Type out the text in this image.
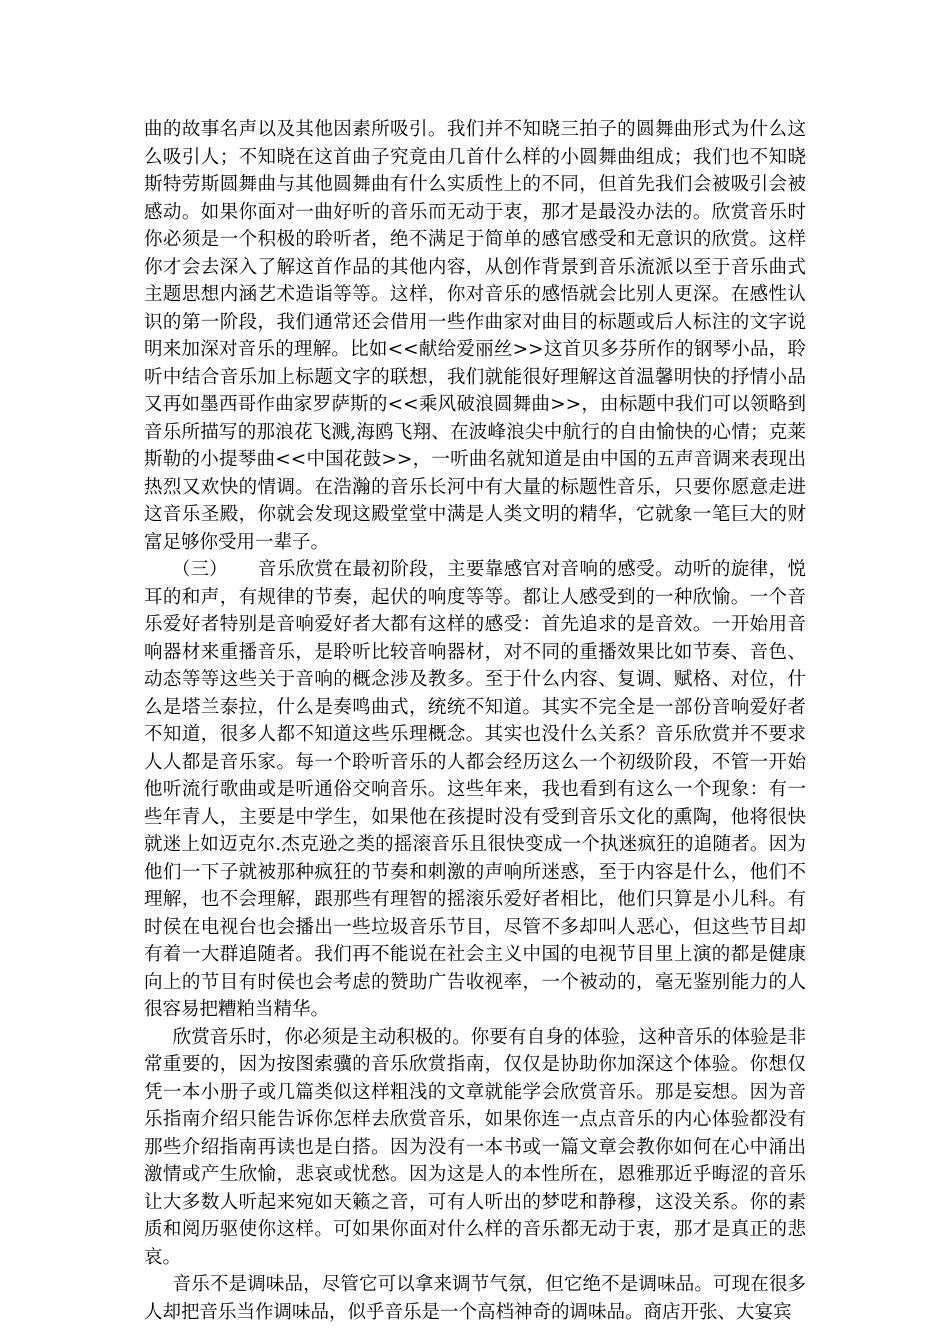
曲的故事名声以及其他因素所吸引。我们并不知晓三拍子的圆舞曲形式为什么这么吸引人；不知晓在这首曲子究竟由几首什么样的小圆舞曲组成；我们也不知晓斯特劳斯圆舞曲与其他圆舞曲有什么实质性上的不同，但首先我们会被吸引会被感动。如果你面对一曲好听的音乐而无动于衷，那才是最没办法的。欣赏音乐时你必须是一个积极的聆听者，绝不满足于简单的感官感受和无意识的欣赏。这样你才会去深入了解这首作品的其他内容，从创作背景到音乐流派以至于音乐曲式主题思想内涵艺术造诣等等。这样，你对音乐的感悟就会比别人更深。在感性认识的第一阶段，我们通常还会借用一些作曲家对曲目的标题或后人标注的文字说明来加深对音乐的理解。比如<<献给爱丽丝>>这首贝多芬所作的钢琴小品，聆听中结合音乐加上标题文字的联想，我们就能很好理解这首温馨明快的抒情小品又再如墨西哥作曲家罗萨斯的<<乘风破浪圆舞曲>>，由标题中我们可以领略到音乐所描写的那浪花飞溅,海鸥飞翔、在波峰浪尖中航行的自由愉快的心情；克莱斯勒的小提琴曲<<中国花鼓>>，一听曲名就知道是由中国的五声音调来表现出热烈又欢快的情调。在浩瀚的音乐长河中有大量的标题性音乐，只要你愿意走进这音乐圣殿，你就会发现这殿堂堂中满是人类文明的精华，它就象一笔巨大的财富足够你受用一辈子。

（三） 音乐欣赏在最初阶段，主要靠感官对音响的感受。动听的旋律，悦耳的和声，有规律的节奏，起伏的响度等等。都让人感受到的一种欣愉。一个音乐爱好者特别是音响爱好者大都有这样的感受：首先追求的是音效。一开始用音响器材来重播音乐，是聆听比较音响器材，对不同的重播效果比如节奏、音色、动态等等这些关于音响的概念涉及教多。至于什么内容、复调、赋格、对位，什么是塔兰泰拉，什么是奏鸣曲式，统统不知道。其实不完全是一部份音响爱好者不知道，很多人都不知道这些乐理概念。其实也没什么关系？音乐欣赏并不要求人人都是音乐家。每一个聆听音乐的人都会经历这么一个初级阶段，不管一开始他听流行歌曲或是听通俗交响音乐。这些年来，我也看到有这么一个现象：有一些年青人，主要是中学生，如果他在孩提时没有受到音乐文化的熏陶，他将很快就迷上如迈克尔.杰克逊之类的摇滚音乐且很快变成一个执迷疯狂的追随者。因为他们一下子就被那种疯狂的节奏和刺激的声响所迷惑，至于内容是什么，他们不理解，也不会理解，跟那些有理智的摇滚乐爱好者相比，他们只算是小儿科。有时侯在电视台也会播出一些垃圾音乐节目，尽管不多却叫人恶心，但这些节目却有着一大群追随者。我们再不能说在社会主义中国的电视节目里上演的都是健康向上的节目有时侯也会考虑的赞助广告收视率，一个被动的，毫无鉴别能力的人很容易把糟粕当精华。

欣赏音乐时，你必须是主动积极的。你要有自身的体验，这种音乐的体验是非常重要的，因为按图索骥的音乐欣赏指南，仅仅是协助你加深这个体验。你想仅凭一本小册子或几篇类似这样粗浅的文章就能学会欣赏音乐。那是妄想。因为音乐指南介绍只能告诉你怎样去欣赏音乐，如果你连一点点音乐的内心体验都没有那些介绍指南再读也是白搭。因为没有一本书或一篇文章会教你如何在心中涌出激情或产生欣愉，悲哀或忧愁。因为这是人的本性所在，恩雅那近乎晦涩的音乐让大多数人听起来宛如天籁之音，可有人听出的梦呓和静穆，这没关系。你的素质和阅历驱使你这样。可如果你面对什么样的音乐都无动于衷，那才是真正的悲哀。

音乐不是调味品，尽管它可以拿来调节气氛，但它绝不是调味品。可现在很多人却把音乐当作调味品，似乎音乐是一个高档神奇的调味品。商店开张、大宴宾
